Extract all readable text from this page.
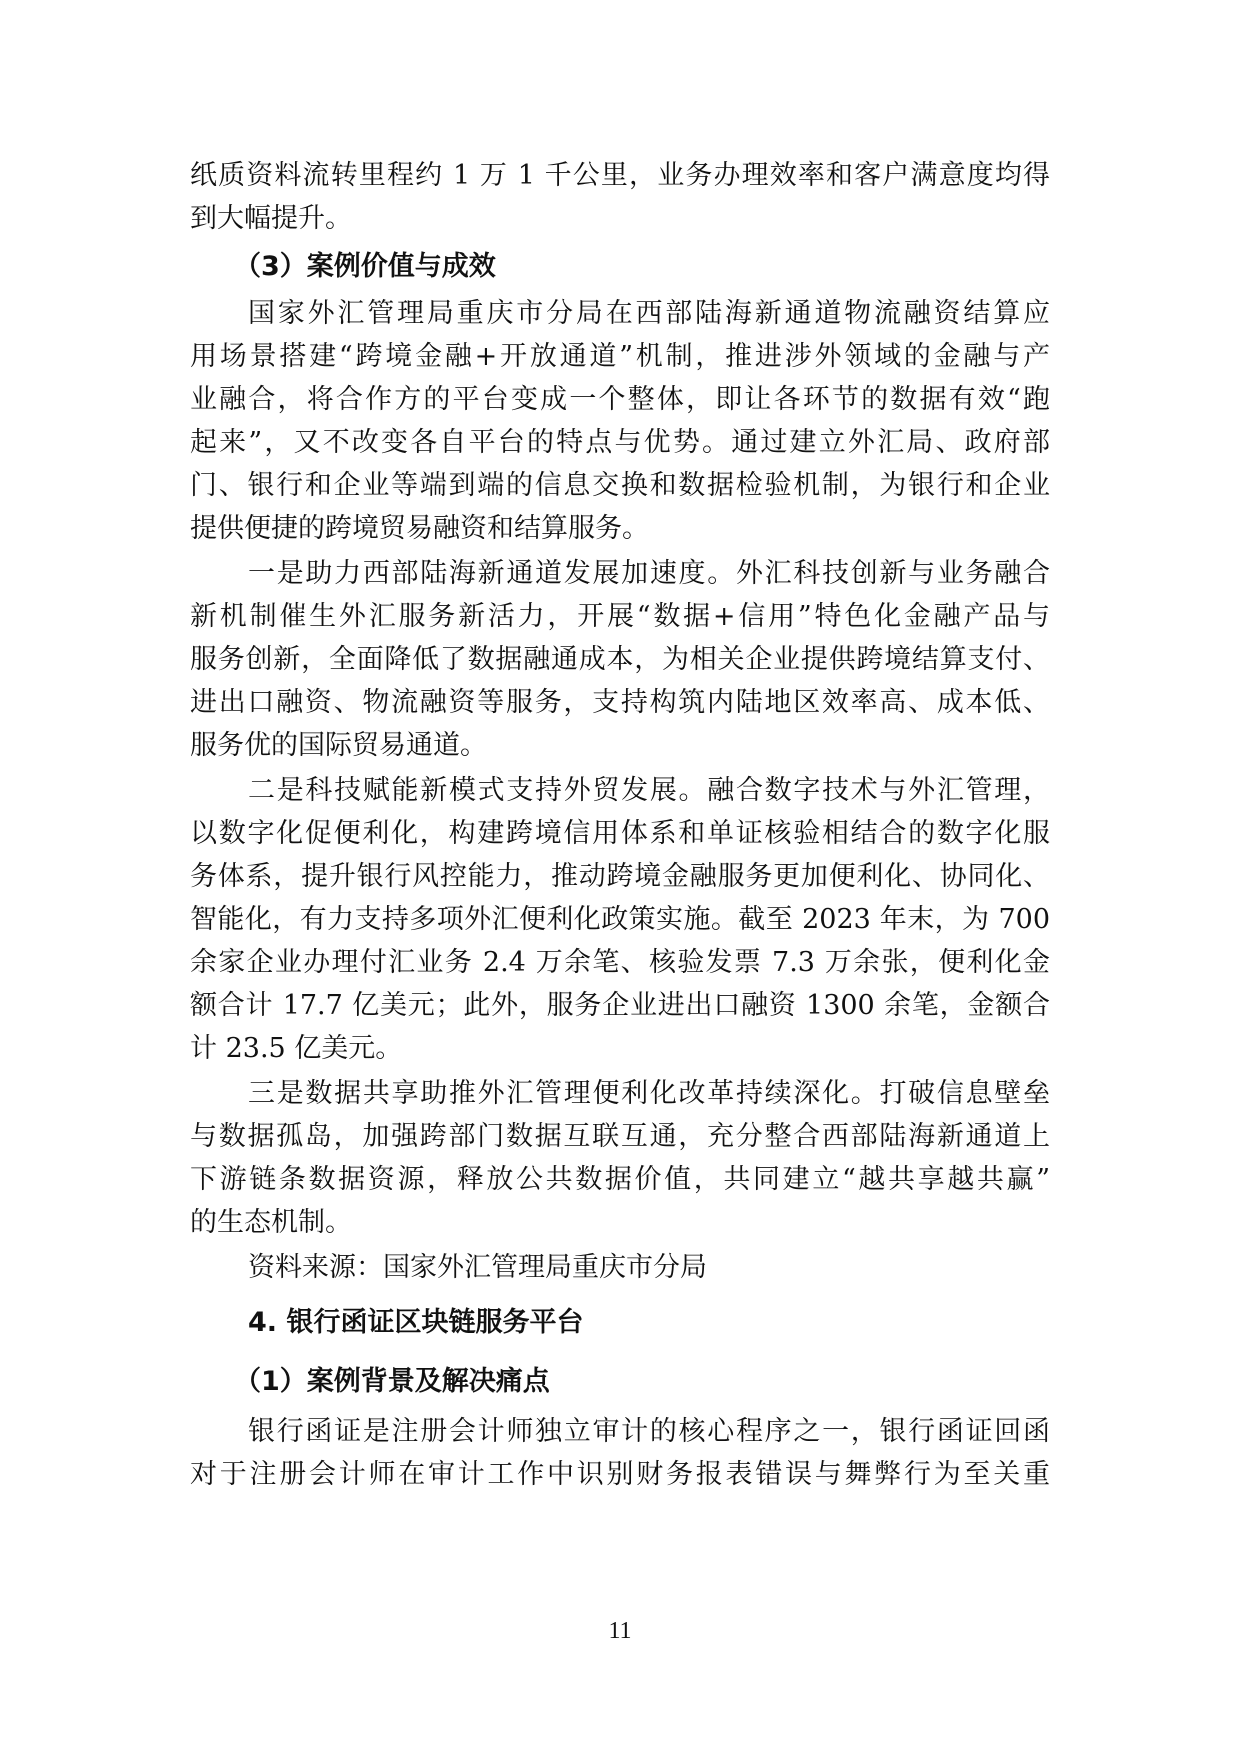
纸质资料流转里程约 1 万 1 千公里，业务办理效率和客户满意度均得
到大幅提升。
（3）案例价值与成效
国家外汇管理局重庆市分局在西部陆海新通道物流融资结算应
用场景搭建“跨境金融+开放通道”机制，推进涉外领域的金融与产
业融合，将合作方的平台变成一个整体，即让各环节的数据有效“跑
起来”，又不改变各自平台的特点与优势。通过建立外汇局、政府部
门、银行和企业等端到端的信息交换和数据检验机制，为银行和企业
提供便捷的跨境贸易融资和结算服务。
一是助力西部陆海新通道发展加速度。外汇科技创新与业务融合
新机制催生外汇服务新活力，开展“数据+信用”特色化金融产品与
服务创新，全面降低了数据融通成本，为相关企业提供跨境结算支付、
进出口融资、物流融资等服务，支持构筑内陆地区效率高、成本低、
服务优的国际贸易通道。
二是科技赋能新模式支持外贸发展。融合数字技术与外汇管理，
以数字化促便利化，构建跨境信用体系和单证核验相结合的数字化服
务体系，提升银行风控能力，推动跨境金融服务更加便利化、协同化、
智能化，有力支持多项外汇便利化政策实施。截至 2023 年末，为 700
余家企业办理付汇业务 2.4 万余笔、核验发票 7.3 万余张，便利化金
额合计 17.7 亿美元；此外，服务企业进出口融资 1300 余笔，金额合
计 23.5 亿美元。
三是数据共享助推外汇管理便利化改革持续深化。打破信息壁垒
与数据孤岛，加强跨部门数据互联互通，充分整合西部陆海新通道上
下游链条数据资源，释放公共数据价值，共同建立“越共享越共赢”
的生态机制。
资料来源：国家外汇管理局重庆市分局
4. 银行函证区块链服务平台
（1）案例背景及解决痛点
银行函证是注册会计师独立审计的核心程序之一，银行函证回函
对于注册会计师在审计工作中识别财务报表错误与舞弊行为至关重
11
